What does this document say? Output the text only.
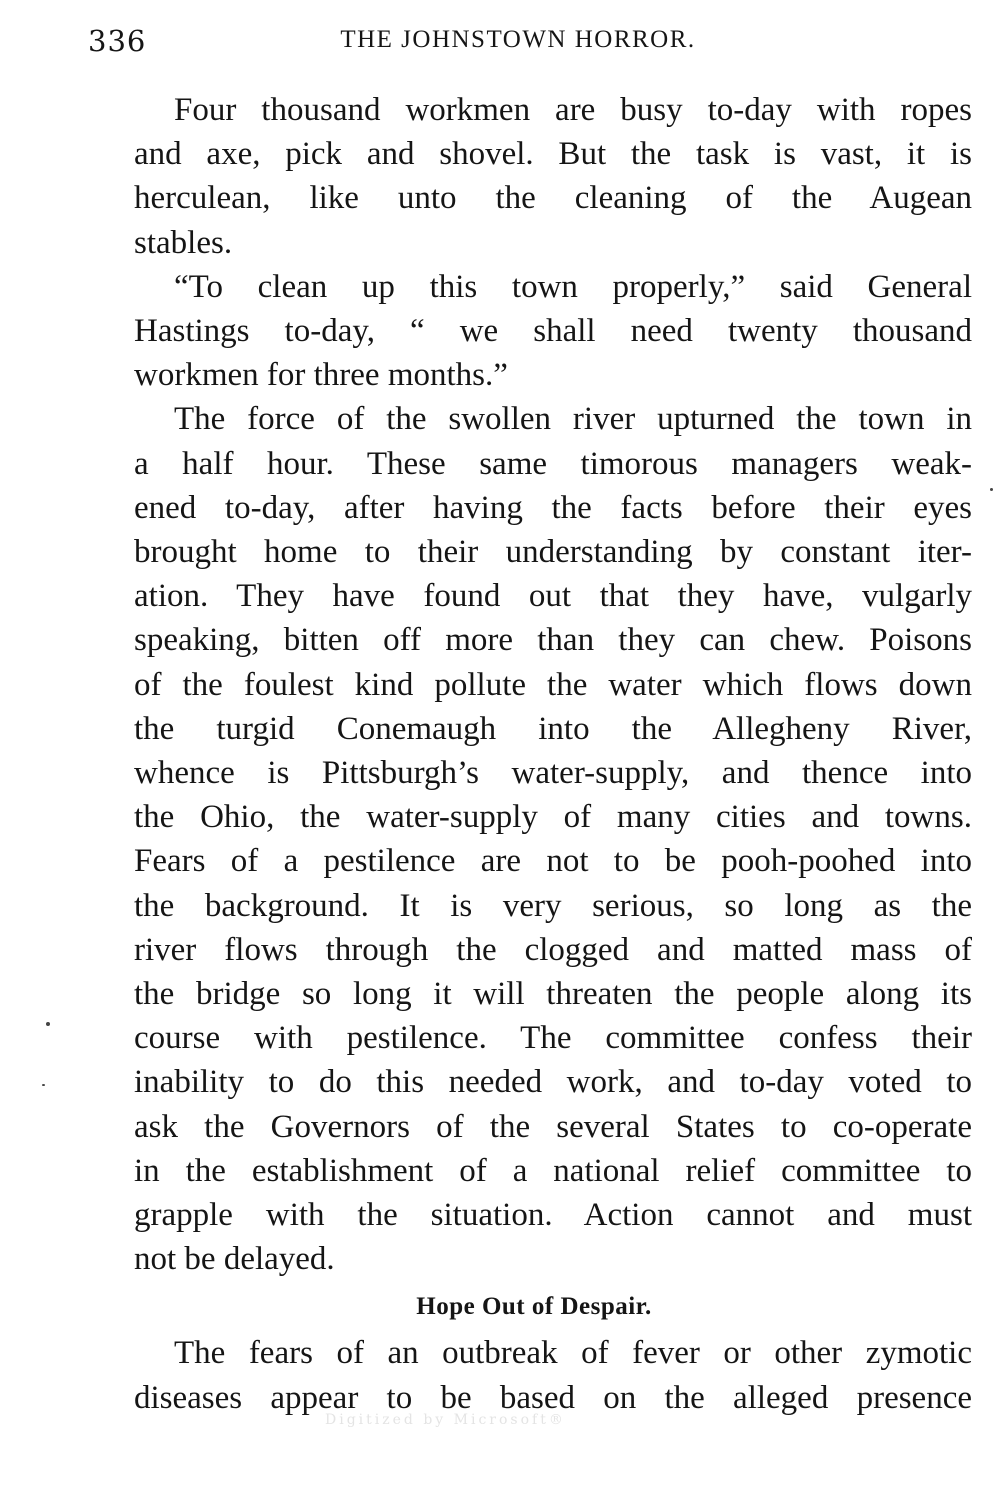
336	THE JOHNSTOWN HORROR.

Four thousand workmen are busy to-day with ropes
and axe, pick and shovel. But the task is vast, it is
herculean, like unto the cleaning of the Augean
stables.

“To clean up this town properly,” said General
Hastings to-day, “ we shall need twenty thousand
workmen for three months.”

The force of the swollen river upturned the town in
a half hour. These same timorous managers weak-
ened to-day, after having the facts before their eyes
brought home to their understanding by constant iter-
ation. They have found out that they have, vulgarly
speaking, bitten off more than they can chew. Poisons
of the foulest kind pollute the water which flows down
the turgid Conemaugh into the Allegheny River,
whence is Pittsburgh’s water-supply, and thence into
the Ohio, the water-supply of many cities and towns.
Fears of a pestilence are not to be pooh-poohed into
the background. It is very serious, so long as the
river flows through the clogged and matted mass of
the bridge so long it will threaten the people along its
course with pestilence. The committee confess their
inability to do this needed work, and to-day voted to
ask the Governors of the several States to co-operate
in the establishment of a national relief committee to
grapple with the situation. Action cannot and must
not be delayed.

Hope Out of Despair.

The fears of an outbreak of fever or other zymotic
diseases appear to be based on the alleged presence

Digitized by Microsoft®
